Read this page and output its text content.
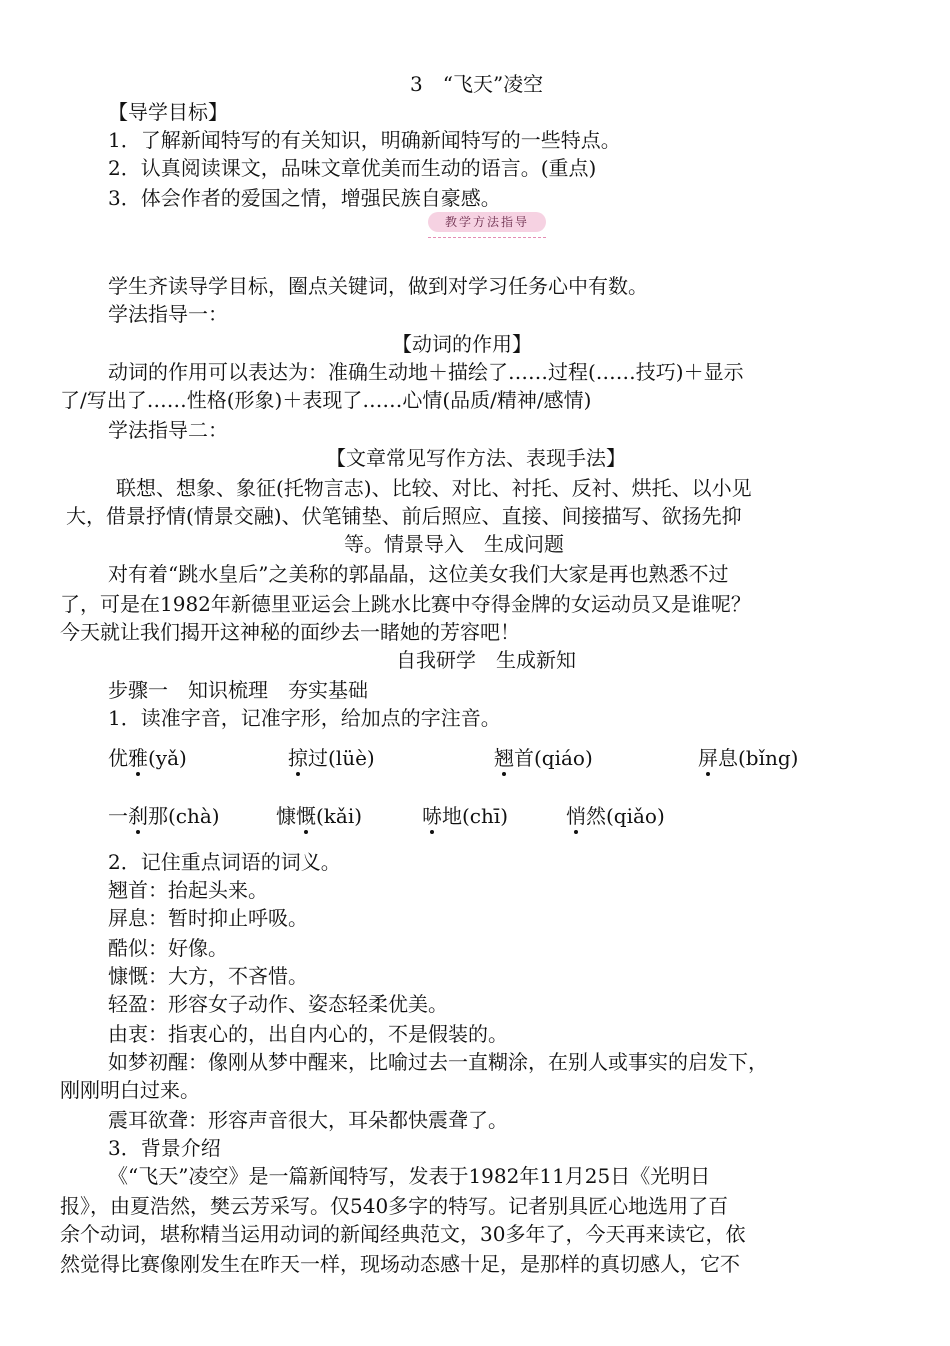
3　“飞天”凌空
【导学目标】
1．了解新闻特写的有关知识，明确新闻特写的一些特点。
2．认真阅读课文，品味文章优美而生动的语言。(重点)
3．体会作者的爱国之情，增强民族自豪感。
教学方法指导
学生齐读导学目标，圈点关键词，做到对学习任务心中有数。
学法指导一：
【动词的作用】
动词的作用可以表达为：准确生动地＋描绘了……过程(……技巧)＋显示
了/写出了……性格(形象)＋表现了……心情(品质/精神/感情)
学法指导二：
【文章常见写作方法、表现手法】
联想、想象、象征(托物言志)、比较、对比、衬托、反衬、烘托、以小见
大，借景抒情(情景交融)、伏笔铺垫、前后照应、直接、间接描写、欲扬先抑
等。情景导入　生成问题
对有着“跳水皇后”之美称的郭晶晶，这位美女我们大家是再也熟悉不过
了，可是在1982年新德里亚运会上跳水比赛中夺得金牌的女运动员又是谁呢？
今天就让我们揭开这神秘的面纱去一睹她的芳容吧！
自我研学　生成新知
步骤一　知识梳理　夯实基础
1．读准字音，记准字形，给加点的字注音。
优雅(yǎ)	掠过(lüè)	翘首(qiáo)	屏息(bǐng)
一刹那(chà)	慷慨(kǎi)	哧地(chī)	悄然(qiǎo)
2．记住重点词语的词义。
翘首：抬起头来。
屏息：暂时抑止呼吸。
酷似：好像。
慷慨：大方，不吝惜。
轻盈：形容女子动作、姿态轻柔优美。
由衷：指衷心的，出自内心的，不是假装的。
如梦初醒：像刚从梦中醒来，比喻过去一直糊涂，在别人或事实的启发下，
刚刚明白过来。
震耳欲聋：形容声音很大，耳朵都快震聋了。
3．背景介绍
《“飞天”凌空》是一篇新闻特写，发表于1982年11月25日《光明日
报》，由夏浩然，樊云芳采写。仅540多字的特写。记者别具匠心地选用了百
余个动词，堪称精当运用动词的新闻经典范文，30多年了，今天再来读它，依
然觉得比赛像刚发生在昨天一样，现场动态感十足，是那样的真切感人，它不
